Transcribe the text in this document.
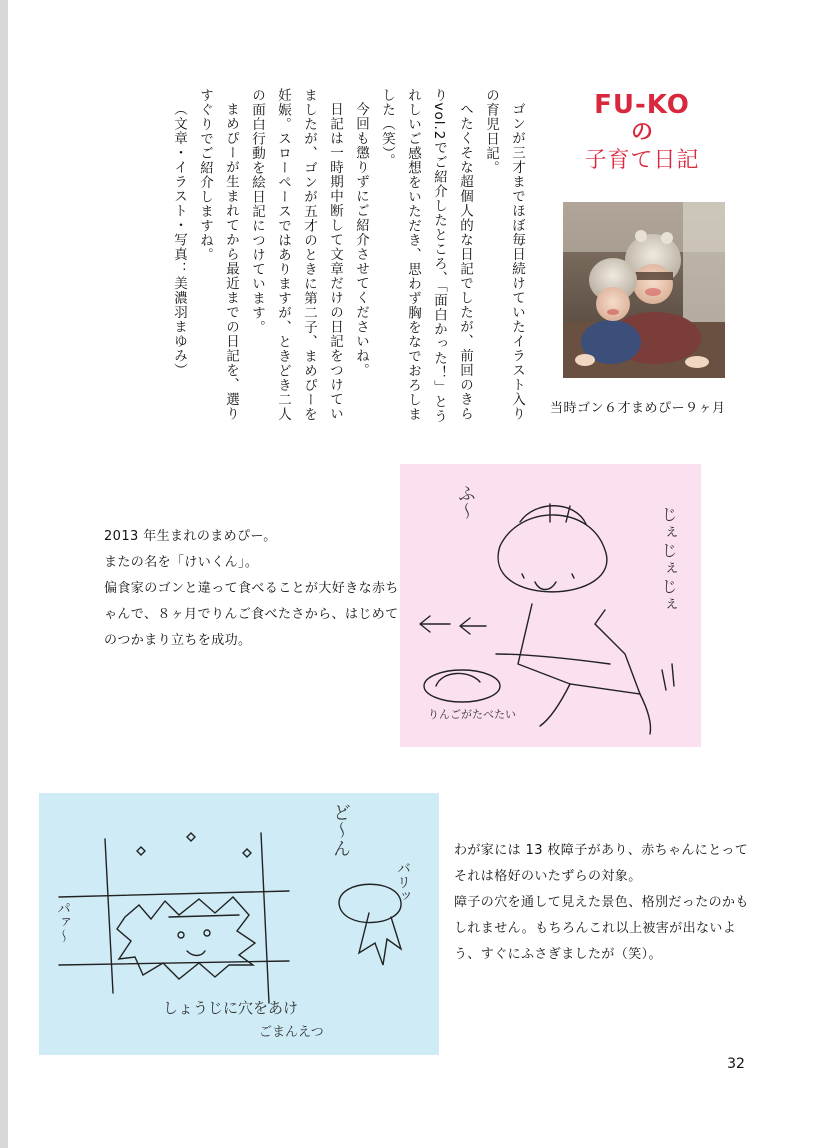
ゴンが三才までほぼ毎日続けていたイラスト入りの育児日記。

へたくそな超個人的な日記でしたが、前回のきらりvol.2でご紹介したところ、「面白かった！」とうれしいご感想をいただき、思わず胸をなでおろしました（笑）。

今回も懲りずにご紹介させてくださいね。

日記は一時期中断して文章だけの日記をつけていましたが、ゴンが五才のときに第二子、まめぴーを妊娠。スローペースではありますが、ときどき二人の面白行動を絵日記につけています。

まめぴーが生まれてから最近までの日記を、選りすぐりでご紹介しますね。

（文章・イラスト・写真：美濃羽まゆみ）	FU-KO
の
子育て日記
当時ゴン６才まめぴー９ヶ月

2013 年生まれのまめぴー。

またの名を「けいくん」。

偏食家のゴンと違って食べることが大好きな赤ちゃんで、８ヶ月でりんご食べたさから、はじめてのつかまり立ちを成功。

ふ〜
じぇじぇじぇ
りんごがたべたい
パァ〜
ど〜ん
バリッ
しょうじに穴をあけ
ごまんえつ

わが家には 13 枚障子があり、赤ちゃんにとってそれは格好のいたずらの対象。

障子の穴を通して見えた景色、格別だったのかもしれません。もちろんこれ以上被害が出ないよう、すぐにふさぎましたが（笑）。

32
